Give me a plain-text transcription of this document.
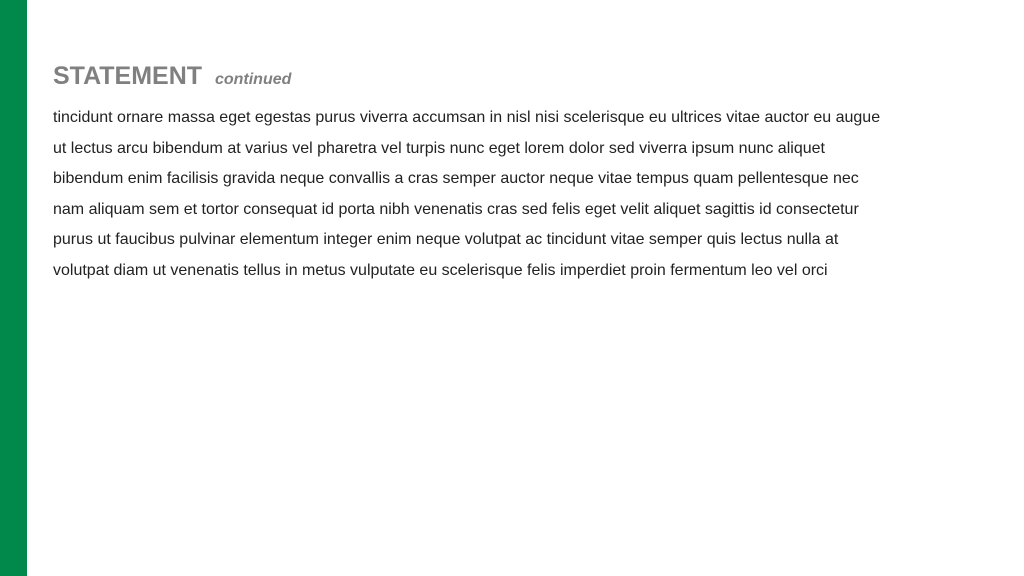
STATEMENT continued
tincidunt ornare massa eget egestas purus viverra accumsan in nisl nisi scelerisque eu ultrices vitae auctor eu augue
ut lectus arcu bibendum at varius vel pharetra vel turpis nunc eget lorem dolor sed viverra ipsum nunc aliquet
bibendum enim facilisis gravida neque convallis a cras semper auctor neque vitae tempus quam pellentesque nec
nam aliquam sem et tortor consequat id porta nibh venenatis cras sed felis eget velit aliquet sagittis id consectetur
purus ut faucibus pulvinar elementum integer enim neque volutpat ac tincidunt vitae semper quis lectus nulla at
volutpat diam ut venenatis tellus in metus vulputate eu scelerisque felis imperdiet proin fermentum leo vel orci
